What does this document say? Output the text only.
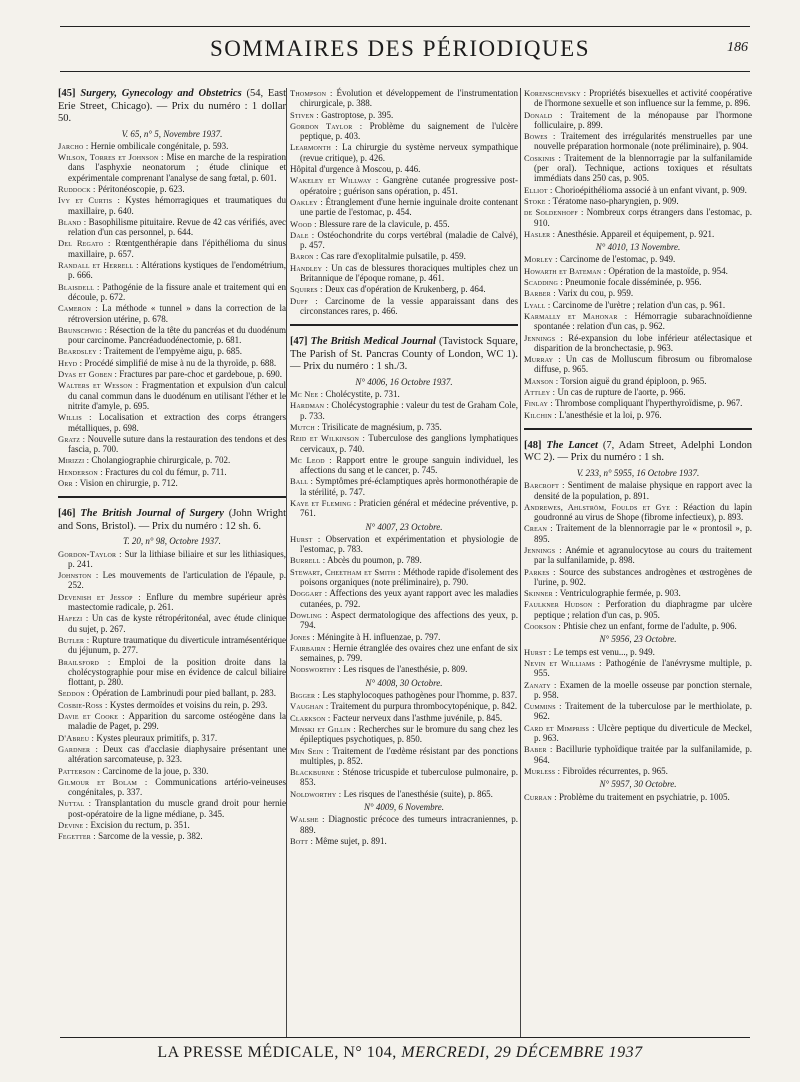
SOMMAIRES DES PÉRIODIQUES	186

[45] Surgery, Gynecology and Obstetrics (54, East Erie Street, Chicago). — Prix du numéro : 1 dollar 50.

V. 65, n° 5, Novembre 1937.

Jarcho : Hernie ombilicale congénitale, p. 593.

Wilson, Torres et Johnson : Mise en marche de la respiration dans l'asphyxie neonatorum ; étude clinique et expérimentale comprenant l'analyse de sang fœtal, p. 601.

Ruddock : Péritonéoscopie, p. 623.

Ivy et Curtis : Kystes hémorragiques et traumatiques du maxillaire, p. 640.

Bland : Basophilisme pituitaire. Revue de 42 cas vérifiés, avec relation d'un cas personnel, p. 644.

Del Regato : Rœntgenthérapie dans l'épithélioma du sinus maxillaire, p. 657.

Randall et Herrell : Altérations kystiques de l'endométrium, p. 666.

Blaisdell : Pathogénie de la fissure anale et traitement qui en découle, p. 672.

Cameron : La méthode « tunnel » dans la correction de la rétroversion utérine, p. 678.

Brunschwig : Résection de la tête du pancréas et du duodénum pour carcinome. Pancréaduodénectomie, p. 681.

Beardsley : Traitement de l'empyème aigu, p. 685.

Heyd : Procédé simplifié de mise à nu de la thyroïde, p. 688.

Dyas et Goben : Fractures par pare-choc et gardeboue, p. 690.

Walters et Wesson : Fragmentation et expulsion d'un calcul du canal commun dans le duodénum en utilisant l'éther et le nitrite d'amyle, p. 695.

Willis : Localisation et extraction des corps étrangers métalliques, p. 698.

Gratz : Nouvelle suture dans la restauration des tendons et des fascia, p. 700.

Mirizzi : Cholangiographie chirurgicale, p. 702.

Henderson : Fractures du col du fémur, p. 711.

Orr : Vision en chirurgie, p. 712.

[46] The British Journal of Surgery (John Wright and Sons, Bristol). — Prix du numéro : 12 sh. 6.

T. 20, n° 98, Octobre 1937.

Gordon-Taylor : Sur la lithiase biliaire et sur les lithiasiques, p. 241.

Johnston : Les mouvements de l'articulation de l'épaule, p. 252.

Devenish et Jessop : Enflure du membre supérieur après mastectomie radicale, p. 261.

Hafezi : Un cas de kyste rétropéritonéal, avec étude clinique du sujet, p. 267.

Butler : Rupture traumatique du diverticule intramésentérique du jéjunum, p. 277.

Brailsford : Emploi de la position droite dans la cholécystographie pour mise en évidence de calcul biliaire flottant, p. 280.

Seddon : Opération de Lambrinudi pour pied ballant, p. 283.

Cosbie-Ross : Kystes dermoïdes et voisins du rein, p. 293.

Davie et Cooke : Apparition du sarcome ostéogène dans la maladie de Paget, p. 299.

D'Abreu : Kystes pleuraux primitifs, p. 317.

Gardner : Deux cas d'acclasie diaphysaire présentant une altération sarcomateuse, p. 323.

Patterson : Carcinome de la joue, p. 330.

Gilmour et Bolam : Communications artério-veineuses congénitales, p. 337.

Nuttal : Transplantation du muscle grand droit pour hernie post-opératoire de la ligne médiane, p. 345.

Devine : Excision du rectum, p. 351.

Fegetter : Sarcome de la vessie, p. 382.

Thompson : Évolution et développement de l'instrumentation chirurgicale, p. 388.

Stiven : Gastroptose, p. 395.

Gordon Taylor : Problème du saignement de l'ulcère peptique, p. 403.

Learmonth : La chirurgie du système nerveux sympathique (revue critique), p. 426.

Hôpital d'urgence à Moscou, p. 446.

Wakeley et Willway : Gangrène cutanée progressive post-opératoire ; guérison sans opération, p. 451.

Oakley : Étranglement d'une hernie inguinale droite contenant une partie de l'estomac, p. 454.

Wood : Blessure rare de la clavicule, p. 455.

Dale : Ostéochondrite du corps vertébral (maladie de Calvé), p. 457.

Baron : Cas rare d'exoplitalmie pulsatile, p. 459.

Handley : Un cas de blessures thoraciques multiples chez un Britannique de l'époque romane, p. 461.

Squires : Deux cas d'opération de Krukenberg, p. 464.

Duff : Carcinome de la vessie apparaissant dans des circonstances rares, p. 466.

[47] The British Medical Journal (Tavistock Square, The Parish of St. Pancras County of London, WC 1). — Prix du numéro : 1 sh./3.

N° 4006, 16 Octobre 1937.

Mc Nee : Cholécystite, p. 731.

Hardman : Cholécystographie : valeur du test de Graham Cole, p. 733.

Mutch : Trisilicate de magnésium, p. 735.

Reid et Wilkinson : Tuberculose des ganglions lymphatiques cervicaux, p. 740.

Mc Leod : Rapport entre le groupe sanguin individuel, les affections du sang et le cancer, p. 745.

Ball : Symptômes pré-éclamptiques après hormonothérapie de la stérilité, p. 747.

Kaye et Fleming : Praticien général et médecine préventive, p. 761.

N° 4007, 23 Octobre.

Hurst : Observation et expérimentation et physiologie de l'estomac, p. 783.

Burrell : Abcès du poumon, p. 789.

Stewart, Cheetham et Smith : Méthode rapide d'isolement des poisons organiques (note préliminaire), p. 790.

Doggart : Affections des yeux ayant rapport avec les maladies cutanées, p. 792.

Dowling : Aspect dermatologique des affections des yeux, p. 794.

Jones : Méningite à H. influenzae, p. 797.

Fairbairn : Hernie étranglée des ovaires chez une enfant de six semaines, p. 799.

Nodsworthy : Les risques de l'anesthésie, p. 809.

N° 4008, 30 Octobre.

Bigger : Les staphylocoques pathogènes pour l'homme, p. 837.

Vaughan : Traitement du purpura thrombocytopénique, p. 842.

Clarkson : Facteur nerveux dans l'asthme juvénile, p. 845.

Minski et Gillin : Recherches sur le bromure du sang chez les épileptiques psychotiques, p. 850.

Min Sein : Traitement de l'œdème résistant par des ponctions multiples, p. 852.

Blackburne : Sténose tricuspide et tuberculose pulmonaire, p. 853.

Noldworthy : Les risques de l'anesthésie (suite), p. 865.

N° 4009, 6 Novembre.

Walshe : Diagnostic précoce des tumeurs intracraniennes, p. 889.

Bott : Même sujet, p. 891.

Korenschevsky : Propriétés bisexuelles et activité coopérative de l'hormone sexuelle et son influence sur la femme, p. 896.

Donald : Traitement de la ménopause par l'hormone folliculaire, p. 899.

Bowes : Traitement des irrégularités menstruelles par une nouvelle préparation hormonale (note préliminaire), p. 904.

Coskinis : Traitement de la blennorragie par la sulfanilamide (per oral). Technique, actions toxiques et résultats immédiats dans 250 cas, p. 905.

Elliot : Chorioépithélioma associé à un enfant vivant, p. 909.

Stoke : Tératome naso-pharyngien, p. 909.

de Soldenhoff : Nombreux corps étrangers dans l'estomac, p. 910.

Hasler : Anesthésie. Appareil et équipement, p. 921.

N° 4010, 13 Novembre.

Morley : Carcinome de l'estomac, p. 949.

Howarth et Bateman : Opération de la mastoïde, p. 954.

Scadding : Pneumonie focale disséminée, p. 956.

Barber : Varix du cou, p. 959.

Lyall : Carcinome de l'urètre ; relation d'un cas, p. 961.

Karmally et Mahonar : Hémorragie subarachnoïdienne spontanée : relation d'un cas, p. 962.

Jennings : Ré-expansion du lobe inférieur atélectasique et disparition de la bronchectasie, p. 963.

Murray : Un cas de Molluscum fibrosum ou fibromalose diffuse, p. 965.

Manson : Torsion aiguë du grand épiploon, p. 965.

Attley : Un cas de rupture de l'aorte, p. 966.

Finlay : Thrombose compliquant l'hyperthyroïdisme, p. 967.

Kilchin : L'anesthésie et la loi, p. 976.

[48] The Lancet (7, Adam Street, Adelphi London WC 2). — Prix du numéro : 1 sh.

V. 233, n° 5955, 16 Octobre 1937.

Barcroft : Sentiment de malaise physique en rapport avec la densité de la population, p. 891.

Andrewes, Ahlström, Foulds et Gye : Réaction du lapin goudronné au virus de Shope (fibrome infectieux), p. 893.

Crean : Traitement de la blennorragie par le « prontosil », p. 895.

Jennings : Anémie et agranulocytose au cours du traitement par la sulfanilamide, p. 898.

Parkes : Source des substances androgènes et œstrogènes de l'urine, p. 902.

Skinner : Ventriculographie fermée, p. 903.

Faulkner Hudson : Perforation du diaphragme par ulcère peptique ; relation d'un cas, p. 905.

Cookson : Phtisie chez un enfant, forme de l'adulte, p. 906.

N° 5956, 23 Octobre.

Hurst : Le temps est venu..., p. 949.

Nevin et Williams : Pathogénie de l'anévrysme multiple, p. 955.

Zanaty : Examen de la moelle osseuse par ponction sternale, p. 958.

Cummins : Traitement de la tuberculose par le merthiolate, p. 962.

Card et Mimpriss : Ulcère peptique du diverticule de Meckel, p. 963.

Baber : Bacillurie typhoïdique traitée par la sulfanilamide, p. 964.

Murless : Fibroïdes récurrentes, p. 965.

N° 5957, 30 Octobre.

Curran : Problème du traitement en psychiatrie, p. 1005.

LA PRESSE MÉDICALE, N° 104, MERCREDI, 29 DÉCEMBRE 1937
